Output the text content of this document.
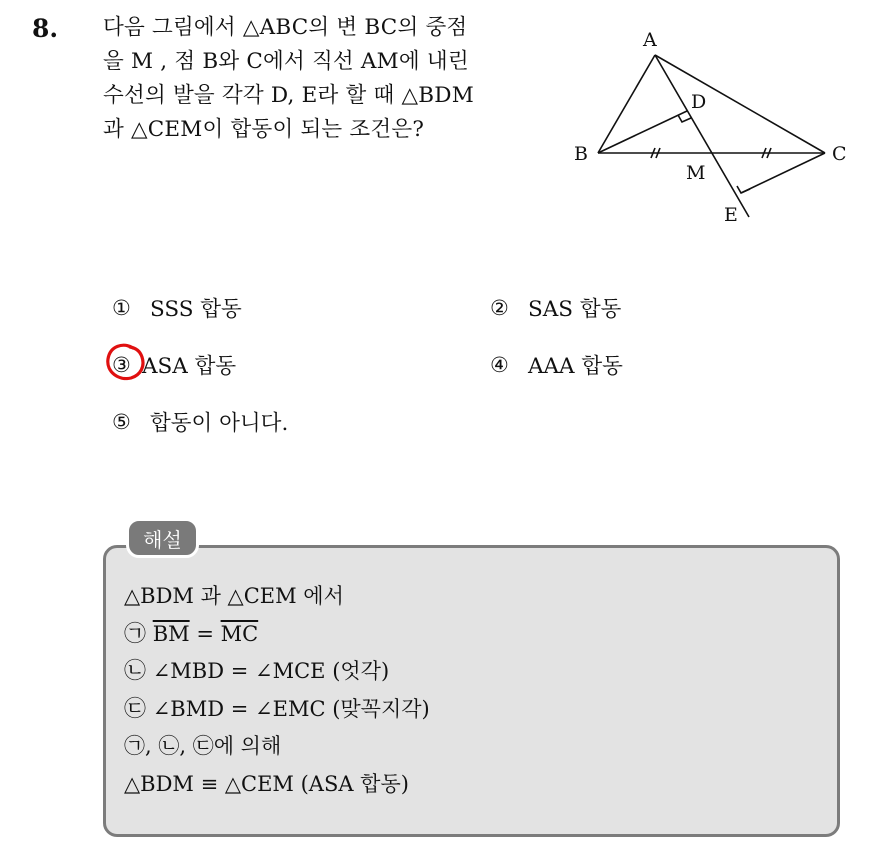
8. 다음 그림에서 △ABC의 변 BC의 중점
을 M , 점 B와 C에서 직선 AM에 내린
수선의 발을 각각 D, E라 할 때 △BDM
과 △CEM이 합동이 되는 조건은?
A
B	C
D
M
E
① SSS 합동	② SAS 합동
③ ASA 합동	④ AAA 합동
⑤ 합동이 아니다.
해설
△BDM 과 △CEM 에서
㉠ $\overline{BM} = \overline{MC}$
㉡ ∠MBD = ∠MCE (엇각)
㉢ ∠BMD = ∠EMC (맞꼭지각)
㉠, ㉡, ㉢에 의해
△BDM ≡ △CEM (ASA 합동)
